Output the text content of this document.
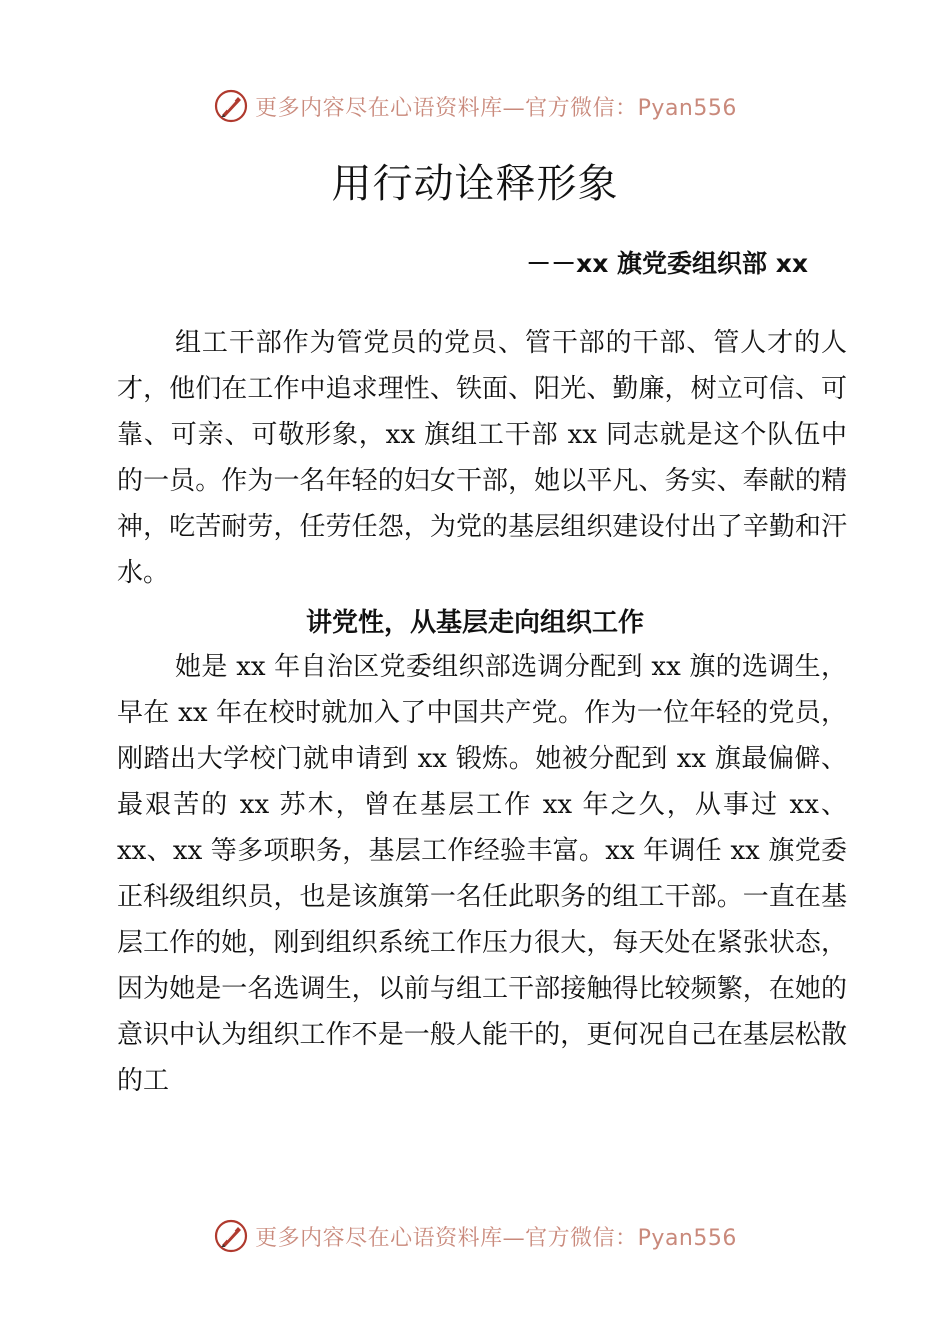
更多内容尽在心语资料库—官方微信：Pyan556
用行动诠释形象
－－xx 旗党委组织部 xx

组工干部作为管党员的党员、管干部的干部、管人才的人才，他们在工作中追求理性、铁面、阳光、勤廉，树立可信、可靠、可亲、可敬形象，xx 旗组工干部 xx 同志就是这个队伍中的一员。作为一名年轻的妇女干部，她以平凡、务实、奉献的精神，吃苦耐劳，任劳任怨，为党的基层组织建设付出了辛勤和汗水。

讲党性，从基层走向组织工作

她是 xx 年自治区党委组织部选调分配到 xx 旗的选调生，早在 xx 年在校时就加入了中国共产党。作为一位年轻的党员，刚踏出大学校门就申请到 xx 锻炼。她被分配到 xx 旗最偏僻、最艰苦的 xx 苏木，曾在基层工作 xx 年之久，从事过 xx、xx、xx 等多项职务，基层工作经验丰富。xx 年调任 xx 旗党委正科级组织员，也是该旗第一名任此职务的组工干部。一直在基层工作的她，刚到组织系统工作压力很大，每天处在紧张状态，因为她是一名选调生，以前与组工干部接触得比较频繁，在她的意识中认为组织工作不是一般人能干的，更何况自己在基层松散的工

更多内容尽在心语资料库—官方微信：Pyan556
